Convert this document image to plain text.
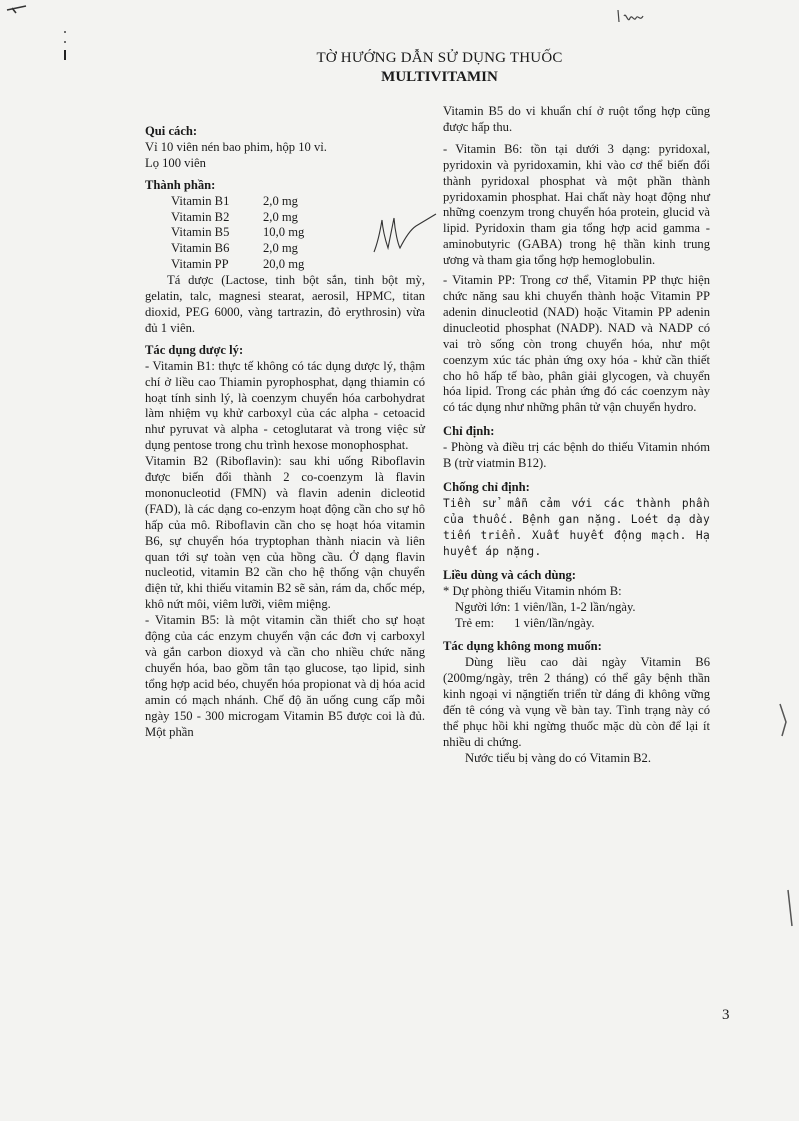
TỜ HƯỚNG DẪN SỬ DỤNG THUỐC
MULTIVITAMIN
Qui cách:
Vỉ 10 viên nén bao phim, hộp 10 vỉ.
Lọ 100 viên
Thành phần:
Vitamin B1	2,0 mg
Vitamin B2	2,0 mg
Vitamin B5	10,0 mg
Vitamin B6	2,0 mg
Vitamin PP	20,0 mg
Tá dược (Lactose, tinh bột sắn, tinh bột mỳ, gelatin, talc, magnesi stearat, aerosil, HPMC, titan dioxid, PEG 6000, vàng tartrazin, đỏ erythrosin) vừa đủ 1 viên.
Tác dụng dược lý:
- Vitamin B1: thực tế không có tác dụng dược lý, thậm chí ở liều cao Thiamin pyrophosphat, dạng thiamin có hoạt tính sinh lý, là coenzym chuyển hóa carbohydrat làm nhiệm vụ khử carboxyl của các alpha - cetoacid như pyruvat và alpha - cetoglutarat và trong việc sử dụng pentose trong chu trình hexose monophosphat.
Vitamin B2 (Riboflavin): sau khi uống Riboflavin được biến đổi thành 2 co-coenzym là flavin mononucleotid (FMN) và flavin adenin dicleotid (FAD), là các dạng co-enzym hoạt động cần cho sự hô hấp của mô. Riboflavin cần cho sẹ hoạt hóa vitamin B6, sự chuyển hóa tryptophan thành niacin và liên quan tới sự toàn vẹn của hồng cầu. Ở dạng flavin nucleotid, vitamin B2 cần cho hệ thống vận chuyển điện tử, khi thiếu vitamin B2 sẽ sản, rám da, chốc mép, khô nứt môi, viêm lưỡi, viêm miệng.
- Vitamin B5: là một vitamin cần thiết cho sự hoạt động của các enzym chuyển vận các đơn vị carboxyl và gắn carbon dioxyd và cần cho nhiều chức năng chuyển hóa, bao gồm tân tạo glucose, tạo lipid, sinh tổng hợp acid béo, chuyển hóa propionat và dị hóa acid amin có mạch nhánh. Chế độ ăn uống cung cấp mỗi ngày 150 - 300 microgam Vitamin B5 được coi là đủ. Một phần
Vitamin B5 do vi khuẩn chí ở ruột tổng hợp cũng được hấp thu.
- Vitamin B6: tồn tại dưới 3 dạng: pyridoxal, pyridoxin và pyridoxamin, khi vào cơ thể biến đổi thành pyridoxal phosphat và một phần thành pyridoxamin phosphat. Hai chất này hoạt động như những coenzym trong chuyển hóa protein, glucid và lipid. Pyridoxin tham gia tổng hợp acid gamma - aminobutyric (GABA) trong hệ thần kinh trung ương và tham gia tổng hợp hemoglobulin.
- Vitamin PP: Trong cơ thể, Vitamin PP thực hiện chức năng sau khi chuyển thành hoặc Vitamin PP adenin dinucleotid (NAD) hoặc Vitamin PP adenin dinucleotid phosphat (NADP). NAD và NADP có vai trò sống còn trong chuyển hóa, như một coenzym xúc tác phản ứng oxy hóa - khử cần thiết cho hô hấp tế bào, phân giải glycogen, và chuyển hóa lipid. Trong các phản ứng đó các coenzym này có tác dụng như những phân tử vận chuyển hydro.
Chỉ định:
- Phòng và điều trị các bệnh do thiếu Vitamin nhóm B (trừ viatmin B12).
Chống chỉ định:
Tiền sử mẫn cảm với các thành phần của thuốc. Bệnh gan nặng. Loét dạ dày tiến triển. Xuất huyết động mạch. Hạ huyết áp nặng.
Liều dùng và cách dùng:
* Dự phòng thiếu Vitamin nhóm B:
Người lớn: 1 viên/lần, 1-2 lần/ngày.
Trẻ em: 1 viên/lần/ngày.
Tác dụng không mong muốn:
Dùng liều cao dài ngày Vitamin B6 (200mg/ngày, trên 2 tháng) có thể gây bệnh thần kinh ngoại vi nặngtiến triển từ dáng đi không vững đến tê cóng và vụng về bàn tay. Tình trạng này có thể phục hồi khi ngừng thuốc mặc dù còn để lại ít nhiều di chứng.
Nước tiểu bị vàng do có Vitamin B2.
3
